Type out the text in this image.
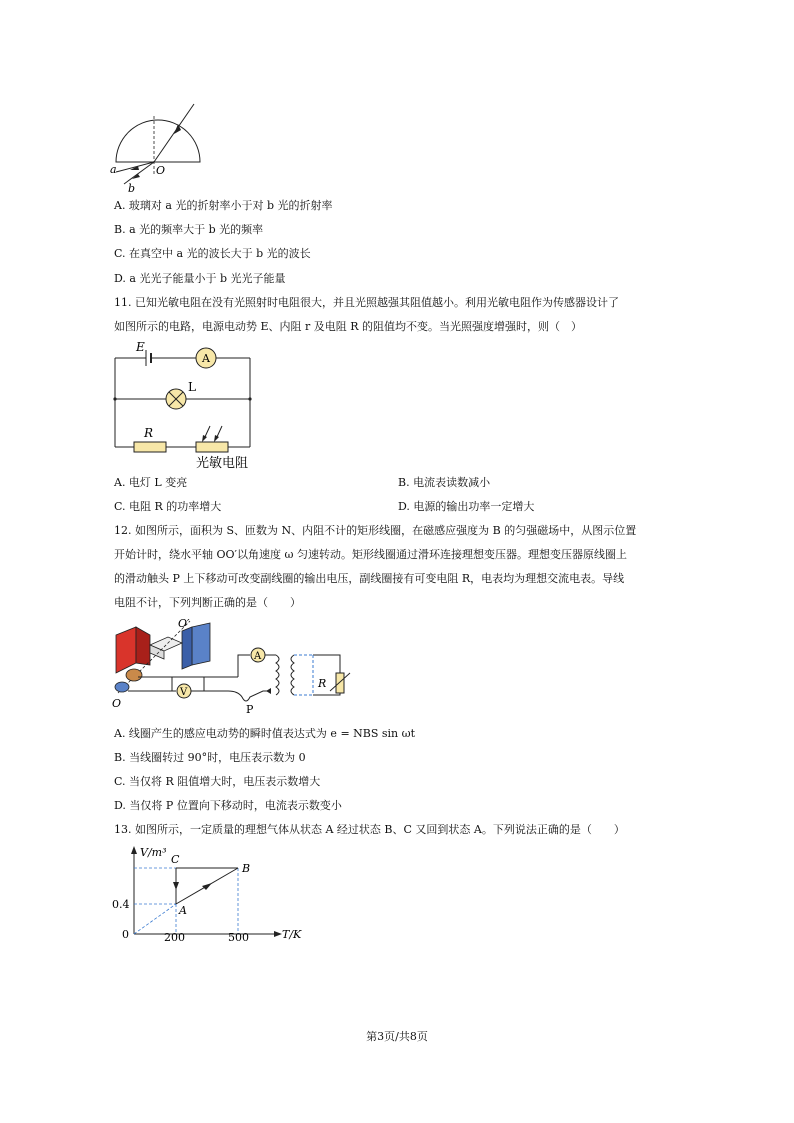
a
b
O
A. 玻璃对 a 光的折射率小于对 b 光的折射率
B. a 光的频率大于 b 光的频率
C. 在真空中 a 光的波长大于 b 光的波长
D. a 光光子能量小于 b 光光子能量
11. 已知光敏电阻在没有光照射时电阻很大，并且光照越强其阻值越小。利用光敏电阻作为传感器设计了
如图所示的电路，电源电动势 E、内阻 r 及电阻 R 的阻值均不变。当光照强度增强时，则（　）
E
A
L
R
光敏电阻
A. 电灯 L 变亮	B. 电流表读数减小
C. 电阻 R 的功率增大	D. 电源的输出功率一定增大
12. 如图所示，面积为 S、匝数为 N、内阻不计的矩形线圈，在磁感应强度为 B 的匀强磁场中，从图示位置
开始计时，绕水平轴 OO′以角速度 ω 匀速转动。矩形线圈通过滑环连接理想变压器。理想变压器原线圈上
的滑动触头 P 上下移动可改变副线圈的输出电压，副线圈接有可变电阻 R，电表均为理想交流电表。导线
电阻不计，下列判断正确的是（　　）
O′
O
A
V
P
R
A. 线圈产生的感应电动势的瞬时值表达式为 e = NBS sin ωt
B. 当线圈转过 90°时，电压表示数为 0
C. 当仅将 R 阻值增大时，电压表示数增大
D. 当仅将 P 位置向下移动时，电流表示数变小
13. 如图所示，一定质量的理想气体从状态 A 经过状态 B、C 又回到状态 A。下列说法正确的是（　　）
V/m³
T/K
0.4
0	200	500
A
B
C
第3页/共8页
